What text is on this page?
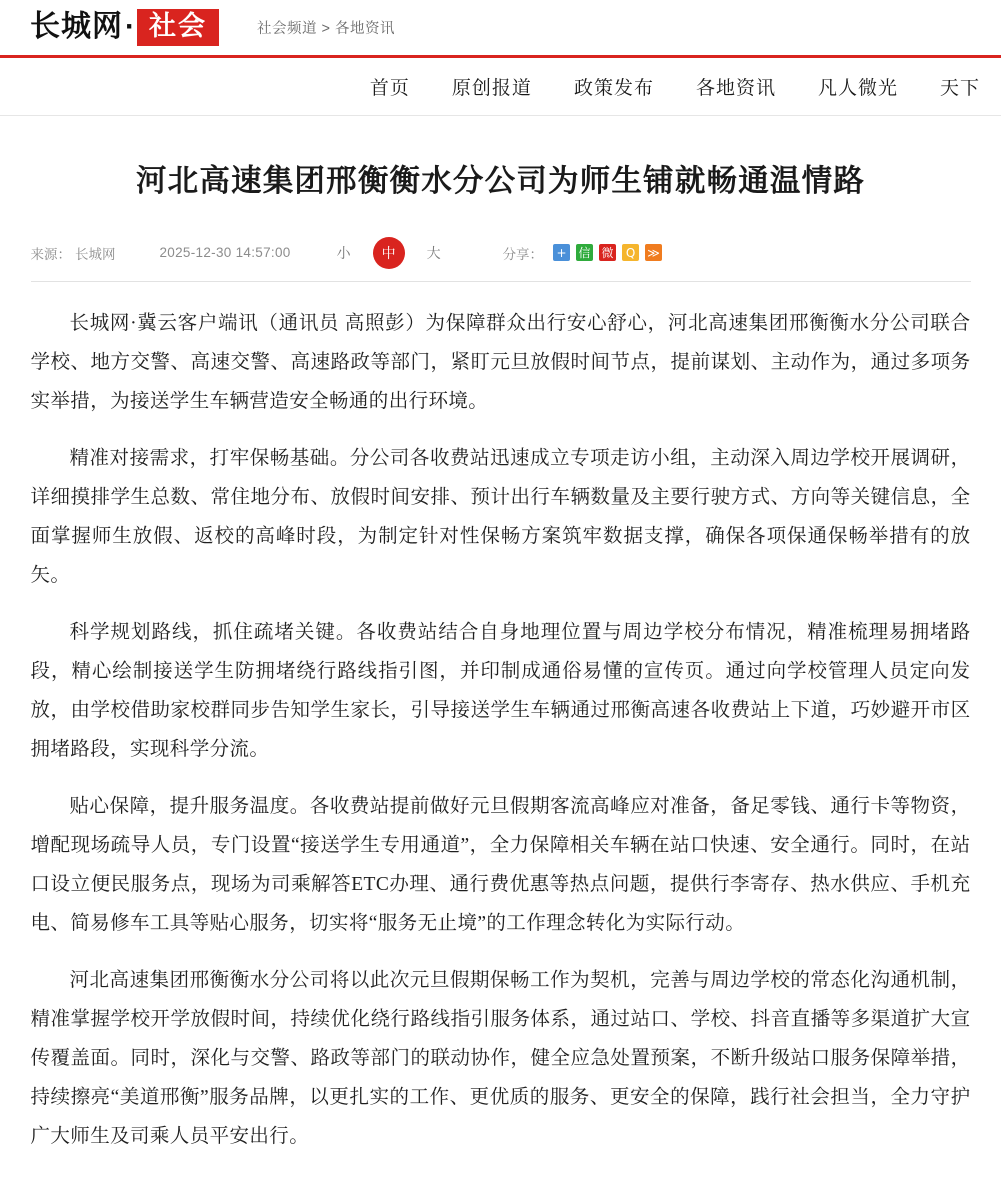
长城网 · 社会	社会频道 > 各地资讯
首页	原创报道	政策发布	各地资讯	凡人微光	天下
河北高速集团邢衡衡水分公司为师生铺就畅通温情路
来源： 长城网	2025-12-30 14:57:00	小	中	大	分享： + 信 微	Q	≫

长城网·冀云客户端讯（通讯员 高照彭）为保障群众出行安心舒心，河北高速集团邢衡衡水分公司联合学校、地方交警、高速交警、高速路政等部门，紧盯元旦放假时间节点，提前谋划、主动作为，通过多项务实举措，为接送学生车辆营造安全畅通的出行环境。

精准对接需求，打牢保畅基础。分公司各收费站迅速成立专项走访小组，主动深入周边学校开展调研，详细摸排学生总数、常住地分布、放假时间安排、预计出行车辆数量及主要行驶方式、方向等关键信息，全面掌握师生放假、返校的高峰时段，为制定针对性保畅方案筑牢数据支撑，确保各项保通保畅举措有的放矢。

科学规划路线，抓住疏堵关键。各收费站结合自身地理位置与周边学校分布情况，精准梳理易拥堵路段，精心绘制接送学生防拥堵绕行路线指引图，并印制成通俗易懂的宣传页。通过向学校管理人员定向发放，由学校借助家校群同步告知学生家长，引导接送学生车辆通过邢衡高速各收费站上下道，巧妙避开市区拥堵路段，实现科学分流。

贴心保障，提升服务温度。各收费站提前做好元旦假期客流高峰应对准备，备足零钱、通行卡等物资，增配现场疏导人员，专门设置“接送学生专用通道”，全力保障相关车辆在站口快速、安全通行。同时，在站口设立便民服务点，现场为司乘解答ETC办理、通行费优惠等热点问题，提供行李寄存、热水供应、手机充电、简易修车工具等贴心服务，切实将“服务无止境”的工作理念转化为实际行动。

河北高速集团邢衡衡水分公司将以此次元旦假期保畅工作为契机，完善与周边学校的常态化沟通机制，精准掌握学校开学放假时间，持续优化绕行路线指引服务体系，通过站口、学校、抖音直播等多渠道扩大宣传覆盖面。同时，深化与交警、路政等部门的联动协作，健全应急处置预案，不断升级站口服务保障举措，持续擦亮“美道邢衡”服务品牌，以更扎实的工作、更优质的服务、更安全的保障，践行社会担当，全力守护广大师生及司乘人员平安出行。
